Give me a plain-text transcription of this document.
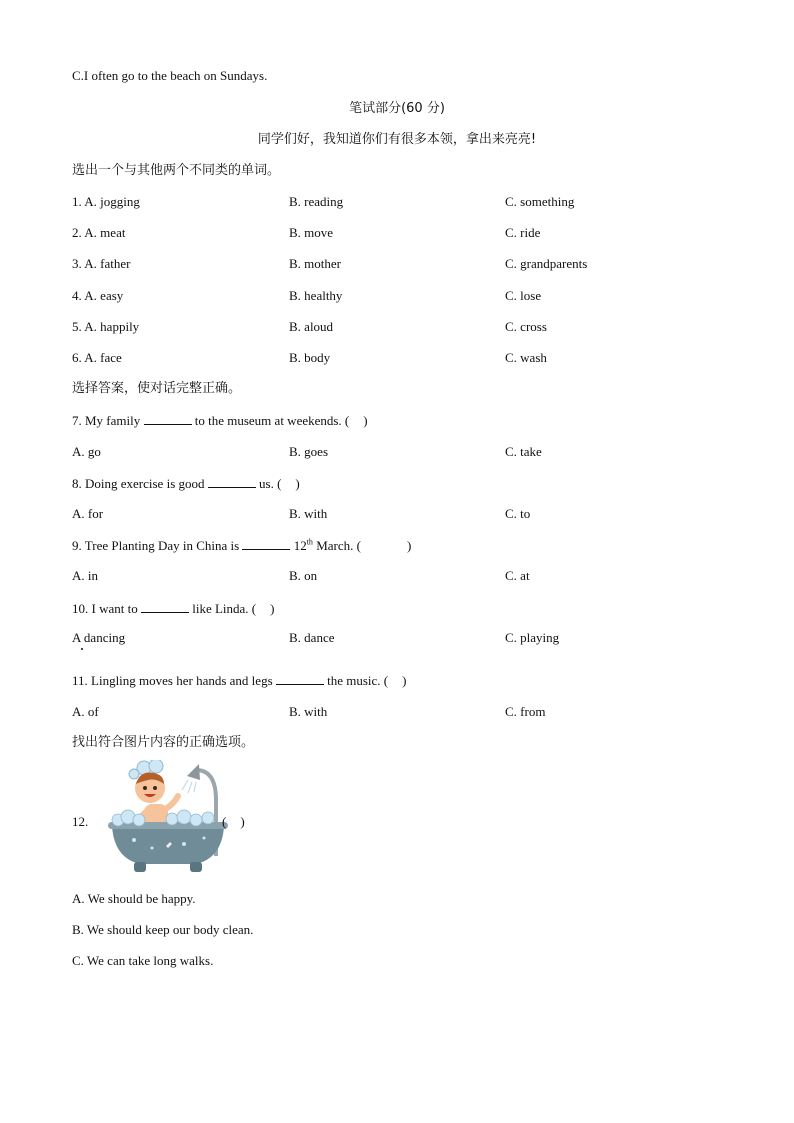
C.I often go to the beach on Sundays.
笔试部分(60 分)
同学们好，我知道你们有很多本领，拿出来亮亮!
选出一个与其他两个不同类的单词。
1. A. jogging	B. reading	C. something
2. A. meat	B. move	C. ride
3. A. father	B. mother	C. grandparents
4. A. easy	B. healthy	C. lose
5. A. happily	B. aloud	C. cross
6. A. face	B. body	C. wash
选择答案，使对话完整正确。
7. My family	to the museum at weekends. ( )
A. go	B. goes	C. take
8. Doing exercise is good	us. ( )
A. for	B. with	C. to
9. Tree Planting Day in China is	12th March. (	)
A. in	B. on	C. at
10. I want to	like Linda. ( )
A dancing	B. dance	C. playing
11. Lingling moves her hands and legs	the music. ( )
A. of	B. with	C. from
找出符合图片内容的正确选项。
12.	( )
A. We should be happy.
B. We should keep our body clean.
C. We can take long walks.
